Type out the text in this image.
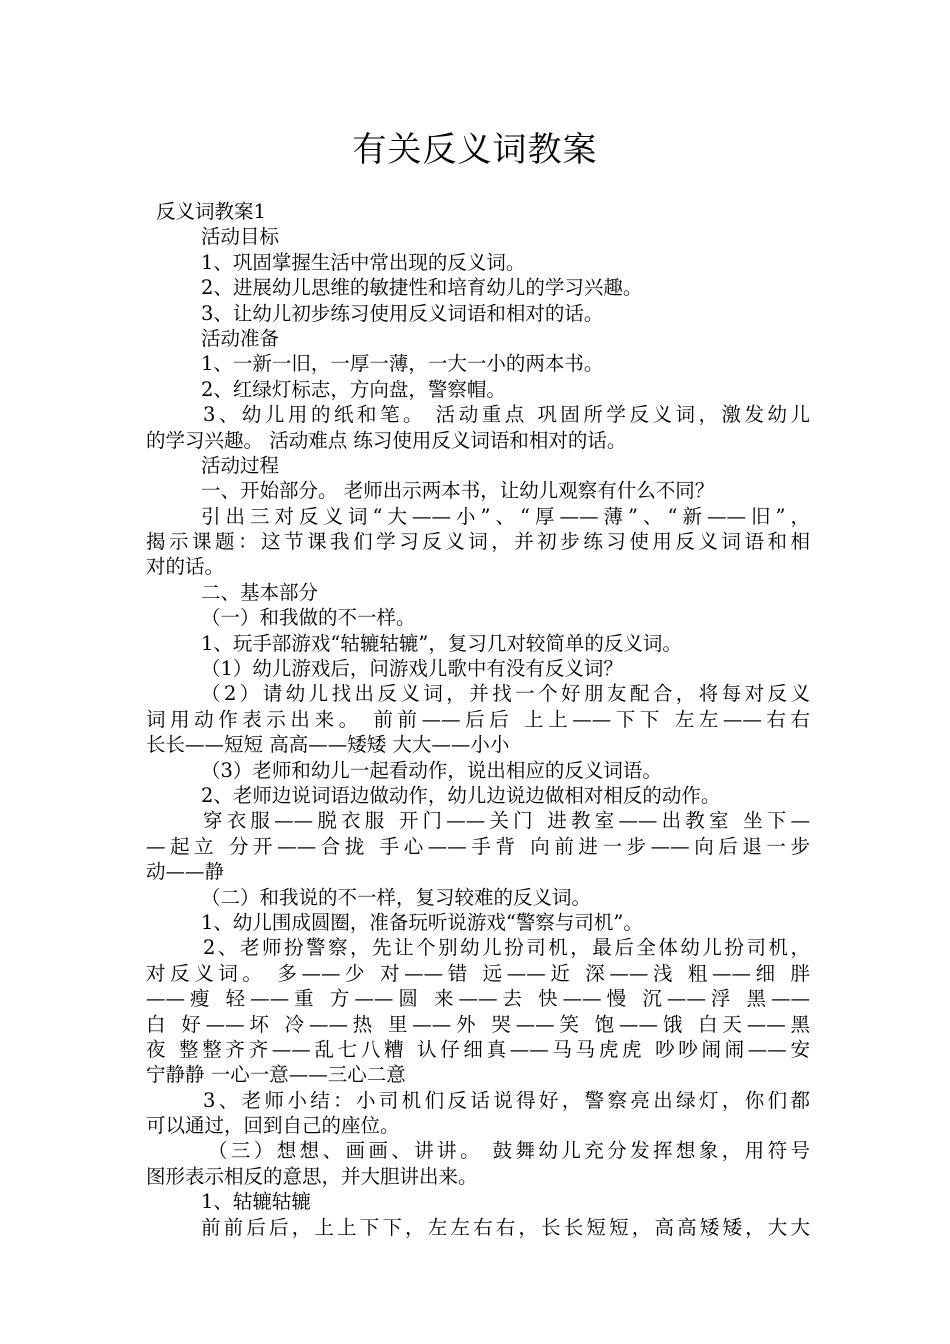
有关反义词教案
反义词教案1
活动目标
1、巩固掌握生活中常出现的反义词。
2、进展幼儿思维的敏捷性和培育幼儿的学习兴趣。
3、让幼儿初步练习使用反义词语和相对的话。
活动准备
1、一新一旧，一厚一薄，一大一小的两本书。
2、红绿灯标志，方向盘，警察帽。
3、幼儿用的纸和笔。 活动重点 巩固所学反义词，激发幼儿
的学习兴趣。 活动难点 练习使用反义词语和相对的话。
活动过程
一、开始部分。 老师出示两本书，让幼儿观察有什么不同？
引出三对反义词“大——小”、“厚——薄”、“新——旧”，
揭示课题：这节课我们学习反义词，并初步练习使用反义词语和相
对的话。
二、基本部分
（一）和我做的不一样。
1、玩手部游戏“轱辘轱辘”，复习几对较简单的反义词。
（1）幼儿游戏后，问游戏儿歌中有没有反义词？
（2）请幼儿找出反义词，并找一个好朋友配合，将每对反义
词用动作表示出来。 前前——后后 上上——下下 左左——右右
长长——短短 高高——矮矮 大大——小小
（3）老师和幼儿一起看动作，说出相应的反义词语。
2、老师边说词语边做动作，幼儿边说边做相对相反的动作。
穿衣服——脱衣服 开门——关门 进教室——出教室 坐下—
—起立 分开——合拢 手心——手背 向前进一步——向后退一步
动——静
（二）和我说的不一样，复习较难的反义词。
1、幼儿围成圆圈，准备玩听说游戏“警察与司机”。
2、老师扮警察，先让个别幼儿扮司机，最后全体幼儿扮司机，
对反义词。 多——少 对——错 远——近 深——浅 粗——细 胖
——瘦 轻——重 方——圆 来——去 快——慢 沉——浮 黑——
白 好——坏 冷——热 里——外 哭——笑 饱——饿 白天——黑
夜 整整齐齐——乱七八糟 认仔细真——马马虎虎 吵吵闹闹——安
宁静静 一心一意——三心二意
3、老师小结：小司机们反话说得好，警察亮出绿灯，你们都
可以通过，回到自己的座位。
（三）想想、画画、讲讲。 鼓舞幼儿充分发挥想象，用符号
图形表示相反的意思，并大胆讲出来。
1、轱辘轱辘
前前后后，上上下下，左左右右，长长短短，高高矮矮，大大
